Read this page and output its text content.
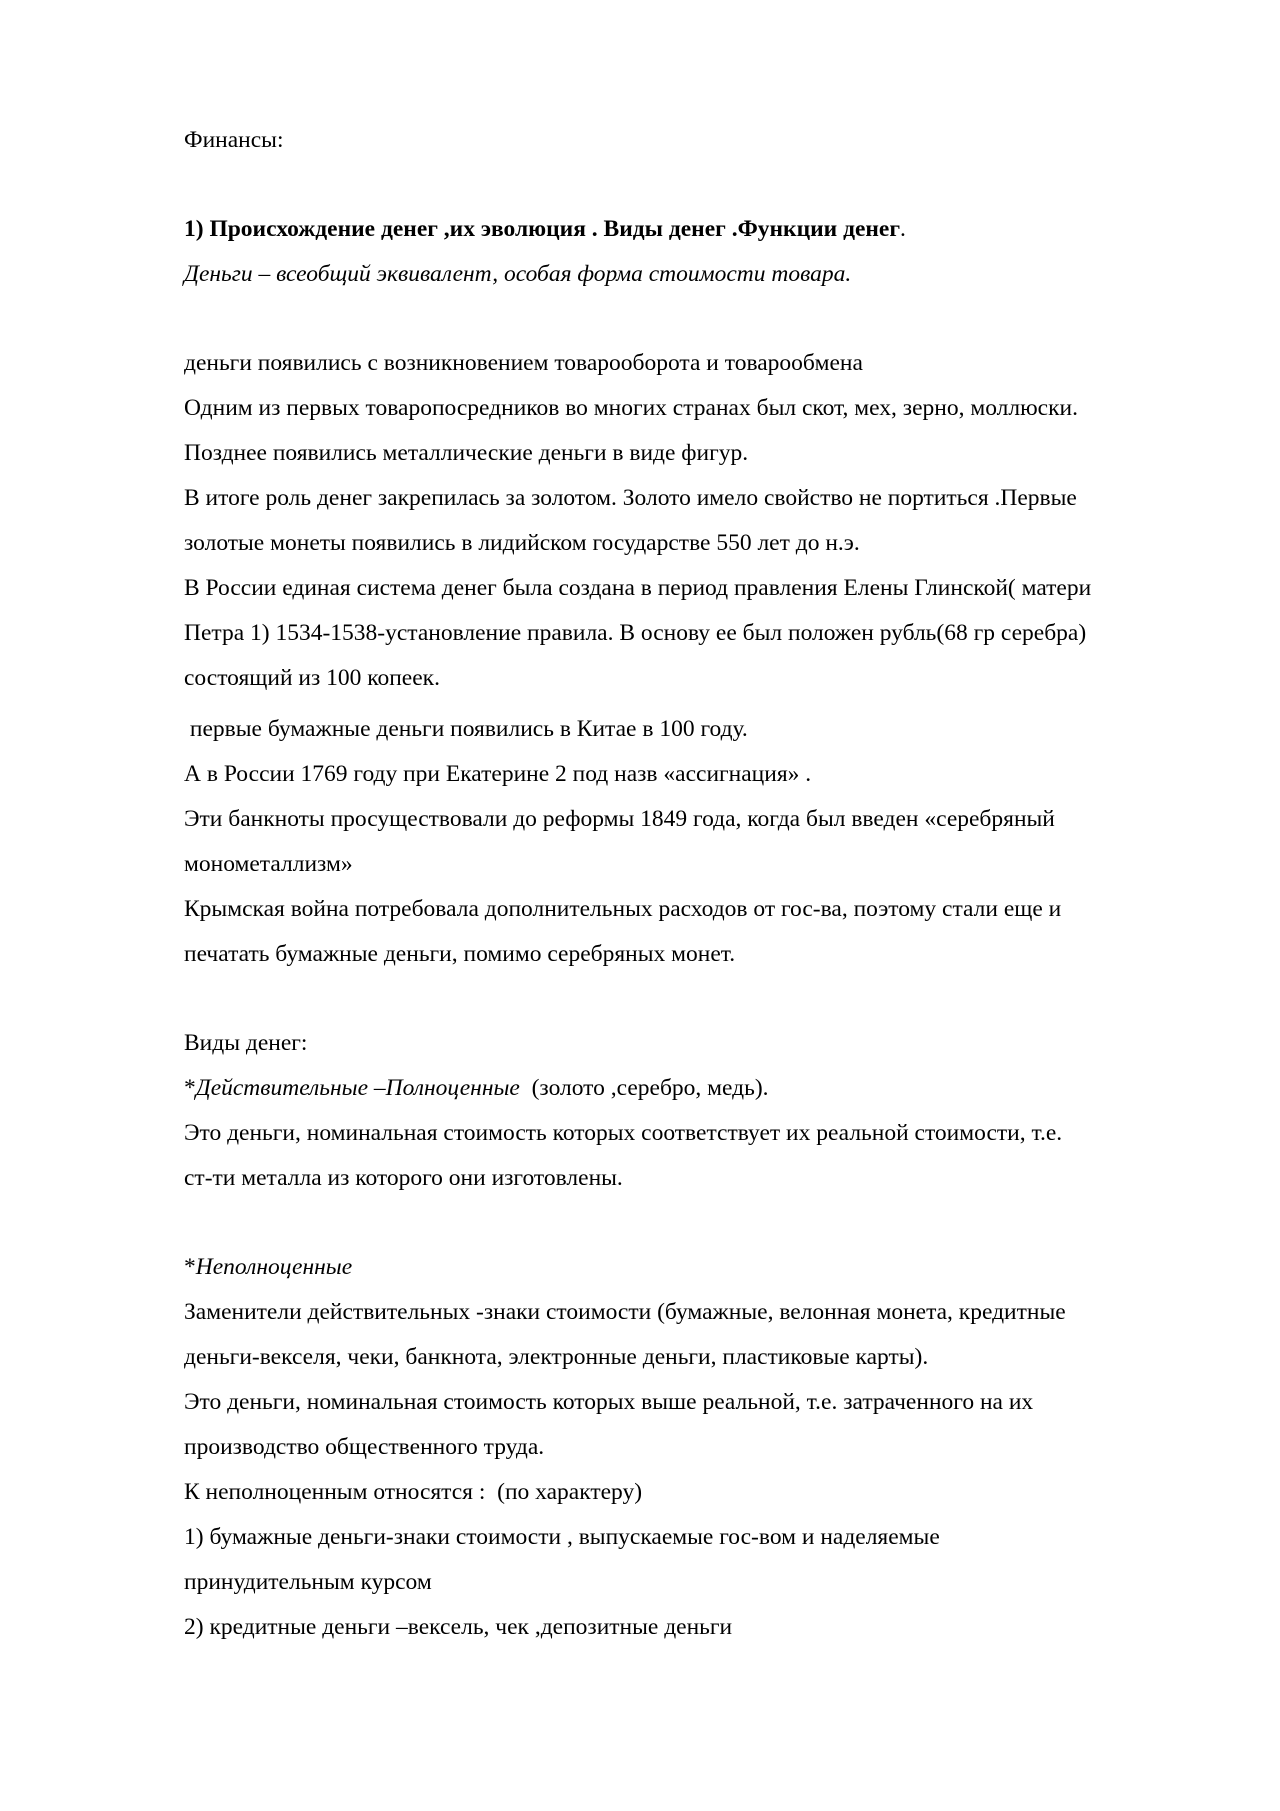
Финансы:
1) Происхождение денег ,их эволюция . Виды денег .Функции денег.
Деньги – всеобщий эквивалент, особая форма стоимости товара.
деньги появились с возникновением товарооборота и товарообмена
Одним из первых товаропосредников во многих странах был скот, мех, зерно, моллюски.
Позднее появились металлические деньги в виде фигур.
В итоге роль денег закрепилась за золотом. Золото имело свойство не портиться .Первые
золотые монеты появились в лидийском государстве 550 лет до н.э.
В России единая система денег была создана в период правления Елены Глинской( матери
Петра 1) 1534-1538-установление правила. В основу ее был положен рубль(68 гр серебра)
состоящий из 100 копеек.
первые бумажные деньги появились в Китае в 100 году.
А в России 1769 году при Екатерине 2 под назв «ассигнация» .
Эти банкноты просуществовали до реформы 1849 года, когда был введен «серебряный
монометаллизм»
Крымская война потребовала дополнительных расходов от гос-ва, поэтому стали еще и
печатать бумажные деньги, помимо серебряных монет.
Виды денег:
*Действительные –Полноценные  (золото ,серебро, медь).
Это деньги, номинальная стоимость которых соответствует их реальной стоимости, т.е.
ст-ти металла из которого они изготовлены.
*Неполноценные
Заменители действительных -знаки стоимости (бумажные, велонная монета, кредитные
деньги-векселя, чеки, банкнота, электронные деньги, пластиковые карты).
Это деньги, номинальная стоимость которых выше реальной, т.е. затраченного на их
производство общественного труда.
К неполноценным относятся :  (по характеру)
1) бумажные деньги-знаки стоимости , выпускаемые гос-вом и наделяемые
принудительным курсом
2) кредитные деньги –вексель, чек ,депозитные деньги
